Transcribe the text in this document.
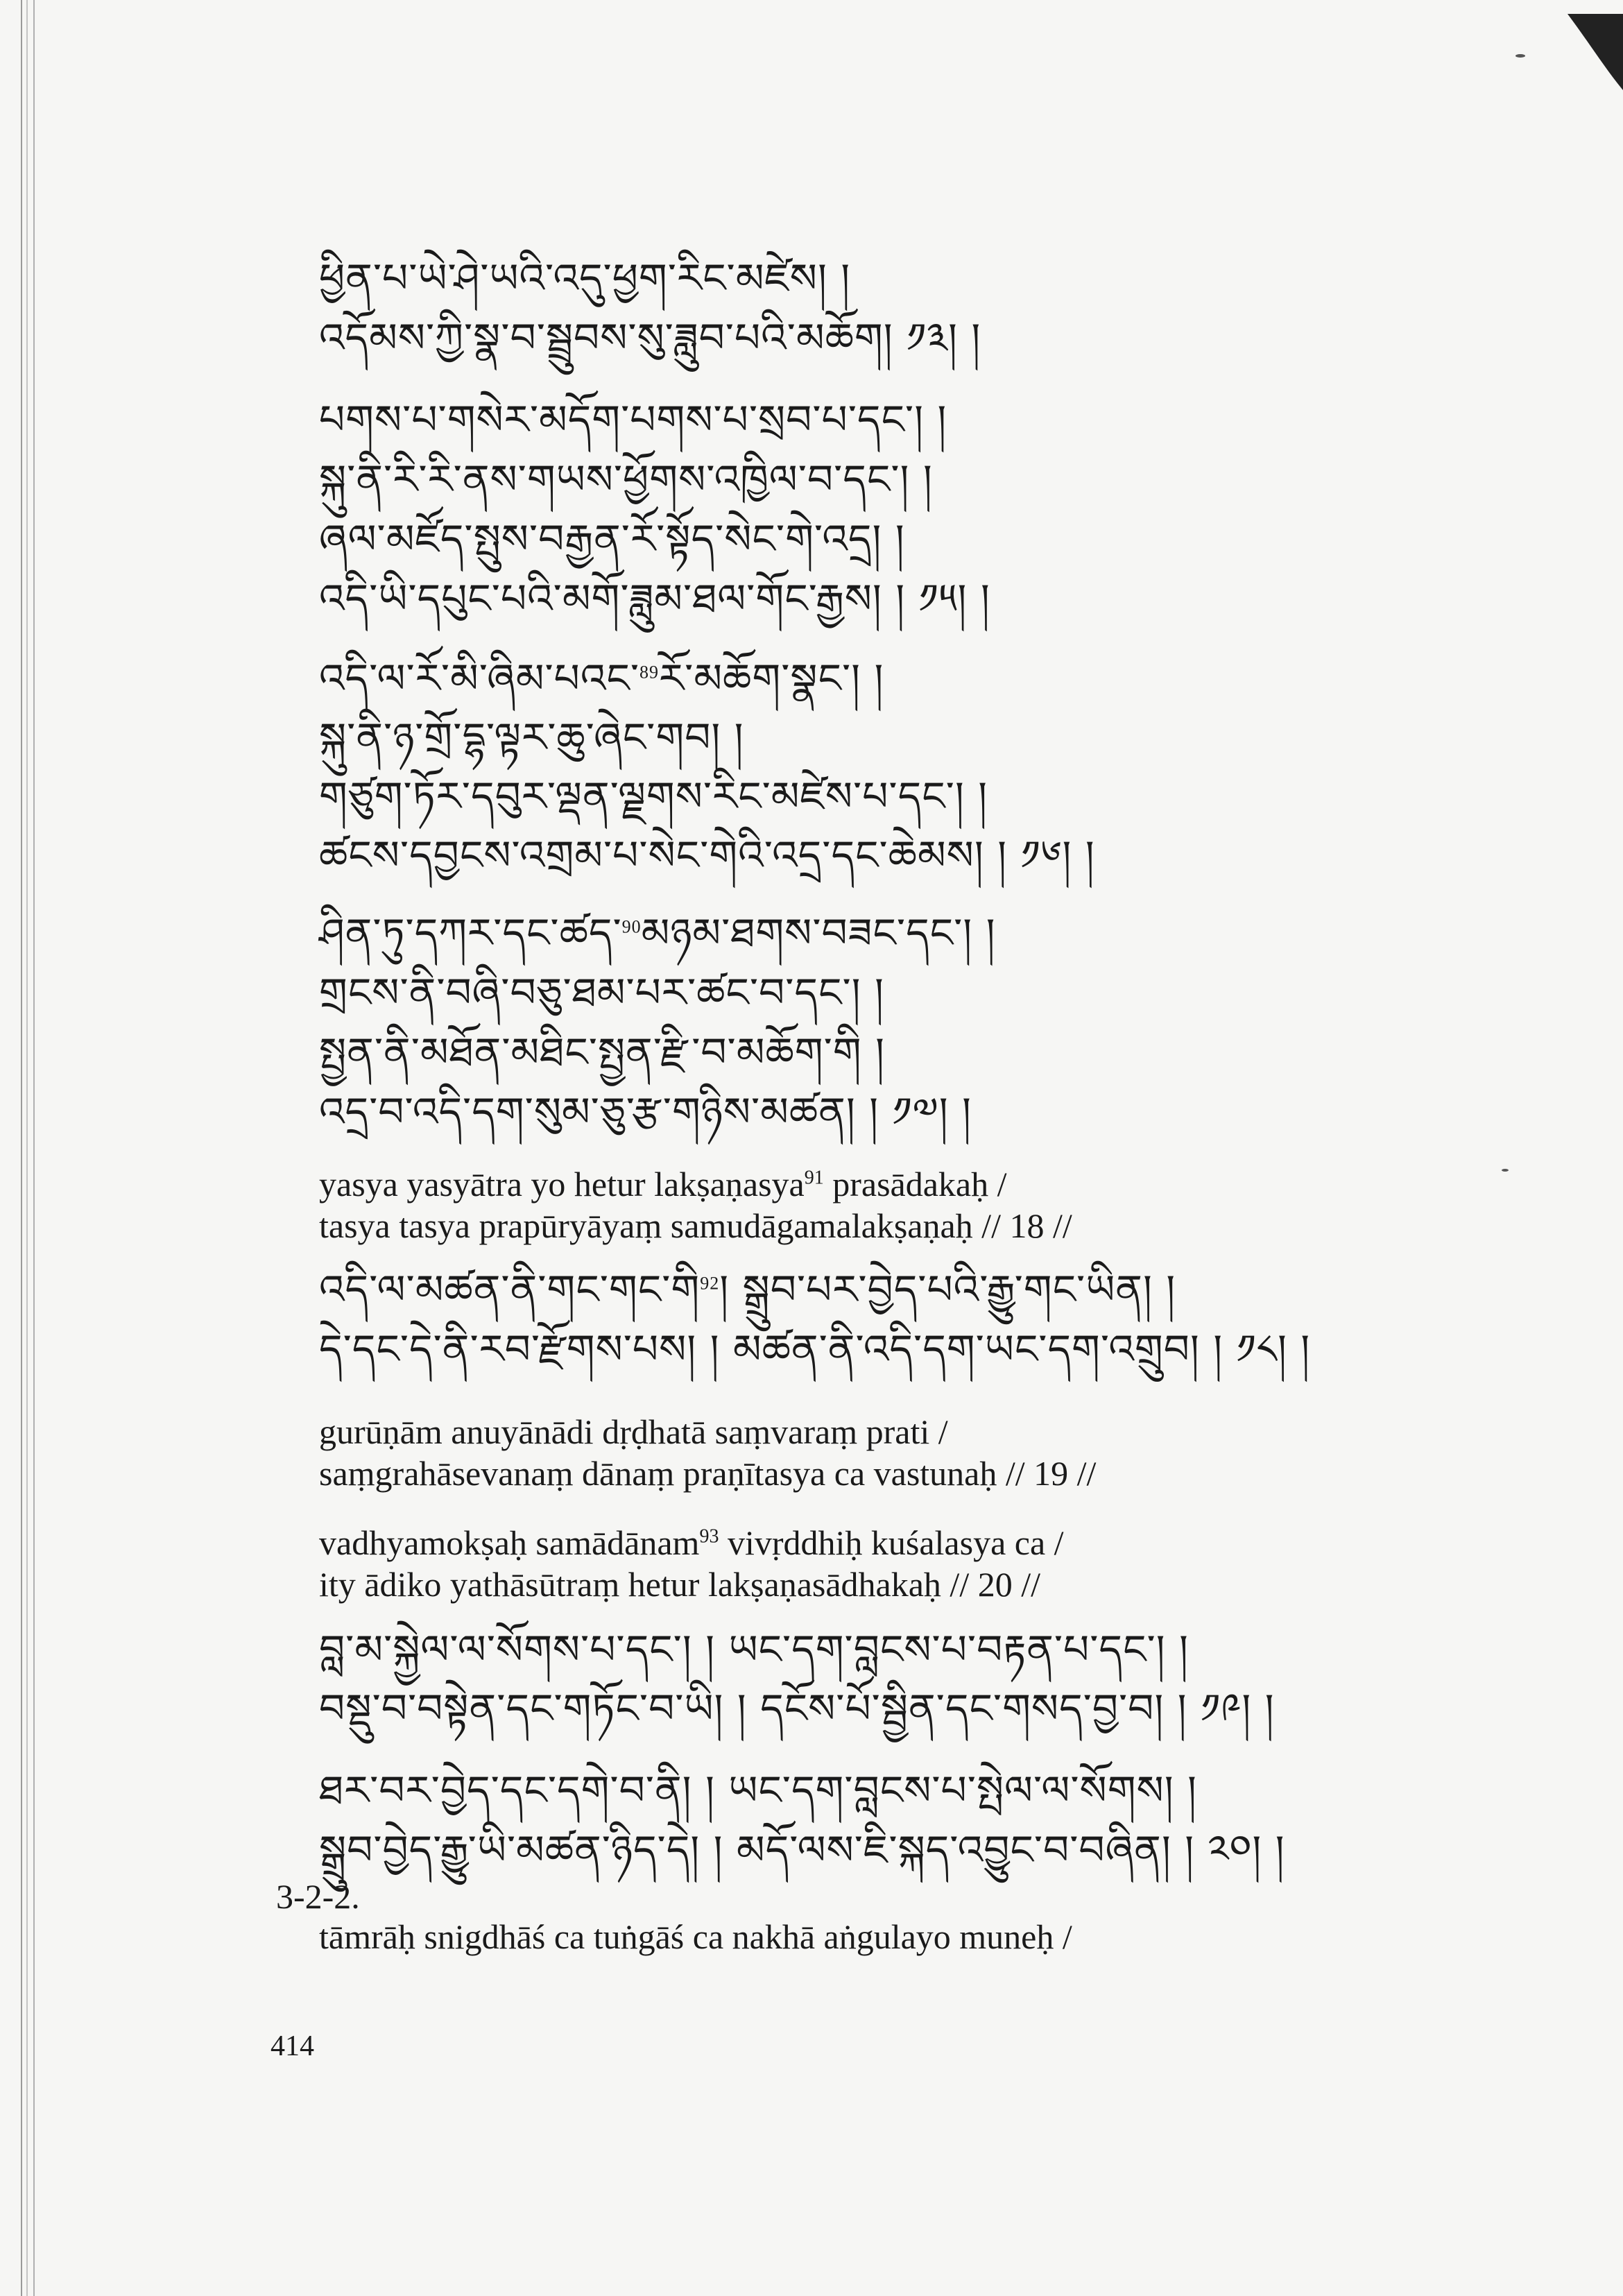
ཕྱིན་པ་ཡེ་ཤེ་ཡའི་འདུ་ཕྱག་རིང་མཛེས། །
འདོམས་ཀྱི་སྣ་བ་སྦྲུབས་སུ་ཟླུབ་པའི་མཆོག། ༡༣། །
པགས་པ་གསེར་མདོག་པགས་པ་སྲབ་པ་དང་། །
སྐུ་ནི་རི་རི་ནས་གཡས་ཕྱོགས་འཁྱིལ་བ་དང་། །
ཞལ་མཛོད་སྤུས་བརྒྱན་རོ་སྟོད་སེང་གེ་འདྲ། །
འདི་ཡི་དཔུང་པའི་མགོ་ཟླུམ་ཐལ་གོང་རྒྱས། ། ༡༥། །
འདི་ལ་རོ་མི་ཞིམ་པའང་$^{89}$རོ་མཆོག་སྣང་། །
སྐུ་ནི་ཉ་གྲོ་དྷ་ལྟར་ཆུ་ཞེང་གབ། །
གཙུག་ཏོར་དབུར་ལྡན་ལྗགས་རིང་མཛེས་པ་དང་། །
ཚངས་དབྱངས་འགྲམ་པ་སེང་གེའི་འདྲ་དང་ཆེམས། ། ༡༦། །
ཤིན་ཏུ་དཀར་དང་ཚད་$^{90}$མཉམ་ཐགས་བཟང་དང་། །
གྲངས་ནི་བཞི་བཅུ་ཐམ་པར་ཚང་བ་དང་། །
སྤྱན་ནི་མཐོན་མཐིང་སྤྱན་རྫི་བ་མཆོག་གི །
འདྲ་བ་འདི་དག་སུམ་ཅུ་རྩ་གཉིས་མཚན། ། ༡༧། །
yasya yasyātra yo hetur lakṣaṇasya$^{91}$ prasādakaḥ /
tasya tasya prapūryāyaṃ samudāgamalakṣaṇaḥ // 18 //
འདི་ལ་མཚན་ནི་གང་གང་གི$^{92}$། སྒྲུབ་པར་བྱེད་པའི་རྒྱུ་གང་ཡིན། །
དེ་དང་དེ་ནི་རབ་རྫོགས་པས། ། མཚན་ནི་འདི་དག་ཡང་དག་འགྲུབ། ། ༡༨། །
gurūṇām anuyānādi dṛḍhatā saṃvaraṃ prati /
saṃgrahāsevanaṃ dānaṃ praṇītasya ca vastunaḥ // 19 //
vadhyamokṣaḥ samādānam$^{93}$ vivṛddhiḥ kuśalasya ca /
ity ādiko yathāsūtraṃ hetur lakṣaṇasādhakaḥ // 20 //
བླ་མ་སྐྱེལ་ལ་སོགས་པ་དང་། ། ཡང་དག་བླངས་པ་བརྟན་པ་དང་། །
བསྡུ་བ་བསྟེན་དང་གཏོང་བ་ཡི། ། དངོས་པོ་སྦྱིན་དང་གསད་བྱ་བ། ། ༡༩། །
ཐར་བར་བྱེད་དང་དགེ་བ་ནི། ། ཡང་དག་བླངས་པ་སྤེལ་ལ་སོགས། །
སྒྲུབ་བྱེད་རྒྱུ་ཡི་མཚན་ཉིད་དེ། ། མདོ་ལས་ཇི་སྐད་འབྱུང་བ་བཞིན། ། ༢༠། །
3-2-2.
tāmrāḥ snigdhāś ca tuṅgāś ca nakhā aṅgulayo muneḥ /
414
